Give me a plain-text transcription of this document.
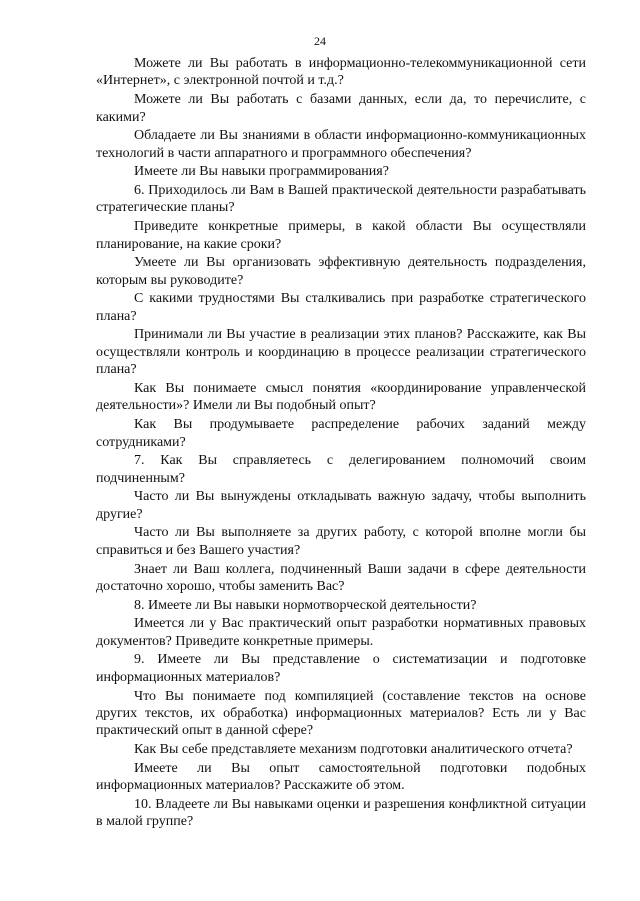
24

Можете ли Вы работать в информационно-телекоммуникационной сети «Интернет», с электронной почтой и т.д.?

Можете ли Вы работать с базами данных, если да, то перечислите, с какими?

Обладаете ли Вы знаниями в области информационно-коммуникационных технологий в части аппаратного и программного обеспечения?

Имеете ли Вы навыки программирования?

6. Приходилось ли Вам в Вашей практической деятельности разрабатывать стратегические планы?

Приведите конкретные примеры, в какой области Вы осуществляли планирование, на какие сроки?

Умеете ли Вы организовать эффективную деятельность подразделения, которым вы руководите?

С какими трудностями Вы сталкивались при разработке стратегического плана?

Принимали ли Вы участие в реализации этих планов? Расскажите, как Вы осуществляли контроль и координацию в процессе реализации стратегического плана?

Как Вы понимаете смысл понятия «координирование управленческой деятельности»? Имели ли Вы подобный опыт?

Как Вы продумываете распределение рабочих заданий между сотрудниками?

7. Как Вы справляетесь с делегированием полномочий своим подчиненным?

Часто ли Вы вынуждены откладывать важную задачу, чтобы выполнить другие?

Часто ли Вы выполняете за других работу, с которой вполне могли бы справиться и без Вашего участия?

Знает ли Ваш коллега, подчиненный Ваши задачи в сфере деятельности достаточно хорошо, чтобы заменить Вас?

8. Имеете ли Вы навыки нормотворческой деятельности?

Имеется ли у Вас практический опыт разработки нормативных правовых документов? Приведите конкретные примеры.

9. Имеете ли Вы представление о систематизации и подготовке информационных материалов?

Что Вы понимаете под компиляцией (составление текстов на основе других текстов, их обработка) информационных материалов? Есть ли у Вас практический опыт в данной сфере?

Как Вы себе представляете механизм подготовки аналитического отчета?

Имеете ли Вы опыт самостоятельной подготовки подобных информационных материалов? Расскажите об этом.

10. Владеете ли Вы навыками оценки и разрешения конфликтной ситуации в малой группе?
